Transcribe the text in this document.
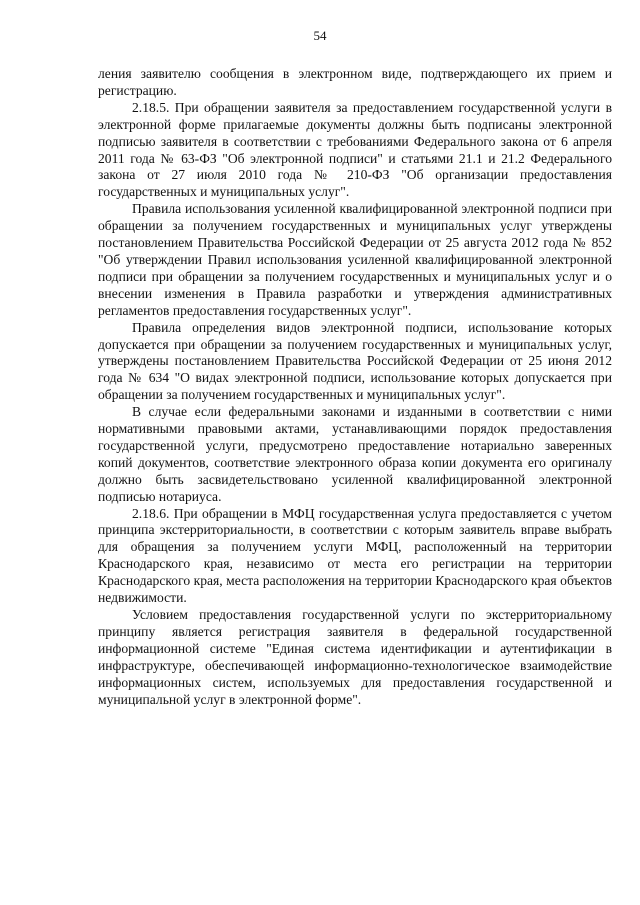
54

ления заявителю сообщения в электронном виде, подтверждающего их прием и регистрацию.

2.18.5. При обращении заявителя за предоставлением государственной услуги в электронной форме прилагаемые документы должны быть подписаны электронной подписью заявителя в соответствии с требованиями Федерального закона от 6 апреля 2011 года № 63-ФЗ "Об электронной подписи" и статьями 21.1 и 21.2 Федерального закона от 27 июля 2010 года № 210-ФЗ "Об организации предоставления государственных и муниципальных услуг".

Правила использования усиленной квалифицированной электронной подписи при обращении за получением государственных и муниципальных услуг утверждены постановлением Правительства Российской Федерации от 25 августа 2012 года № 852 "Об утверждении Правил использования усиленной квалифицированной электронной подписи при обращении за получением государственных и муниципальных услуг и о внесении изменения в Правила разработки и утверждения административных регламентов предоставления государственных услуг".

Правила определения видов электронной подписи, использование которых допускается при обращении за получением государственных и муниципальных услуг, утверждены постановлением Правительства Российской Федерации от 25 июня 2012 года № 634 "О видах электронной подписи, использование которых допускается при обращении за получением государственных и муниципальных услуг".

В случае если федеральными законами и изданными в соответствии с ними нормативными правовыми актами, устанавливающими порядок предоставления государственной услуги, предусмотрено предоставление нотариально заверенных копий документов, соответствие электронного образа копии документа его оригиналу должно быть засвидетельствовано усиленной квалифицированной электронной подписью нотариуса.

2.18.6. При обращении в МФЦ государственная услуга предоставляется с учетом принципа экстерриториальности, в соответствии с которым заявитель вправе выбрать для обращения за получением услуги МФЦ, расположенный на территории Краснодарского края, независимо от места его регистрации на территории Краснодарского края, места расположения на территории Краснодарского края объектов недвижимости.

Условием предоставления государственной услуги по экстерриториальному принципу является регистрация заявителя в федеральной государственной информационной системе "Единая система идентификации и аутентификации в инфраструктуре, обеспечивающей информационно-технологическое взаимодействие информационных систем, используемых для предоставления государственной и муниципальной услуг в электронной форме".
